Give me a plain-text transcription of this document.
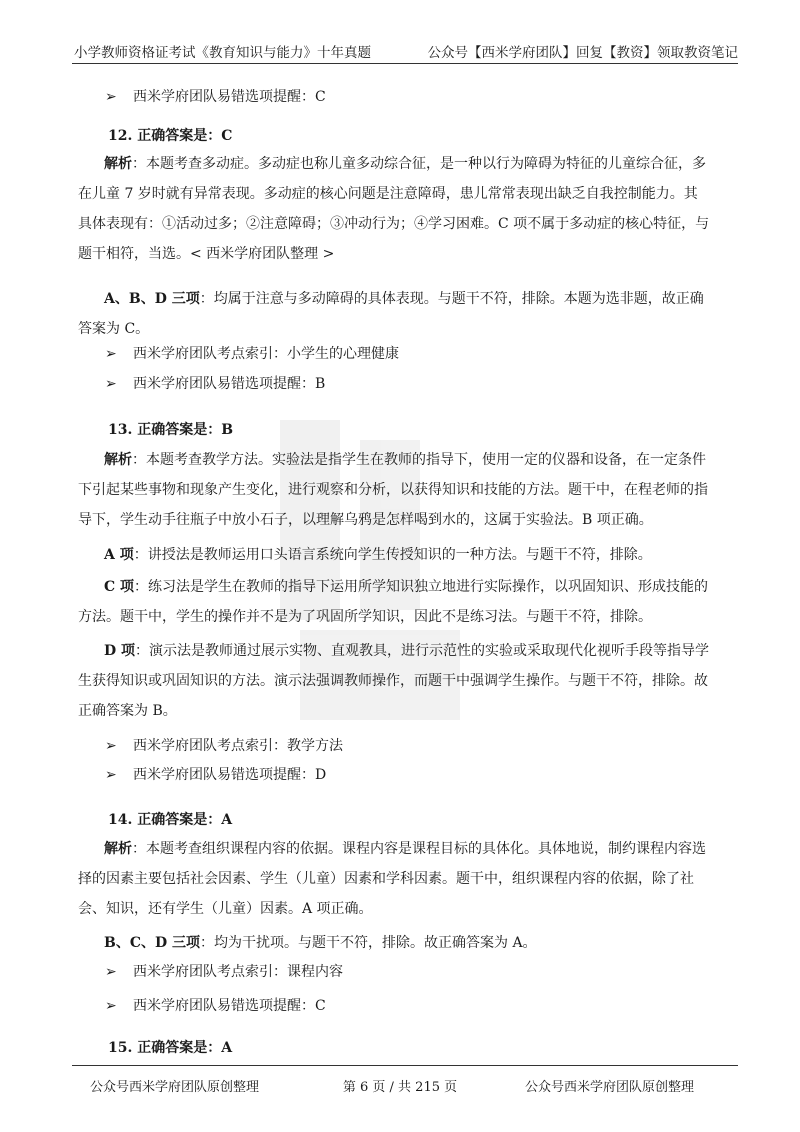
小学教师资格证考试《教育知识与能力》十年真题	公众号【西米学府团队】回复【教资】领取教资笔记
➢ 西米学府团队易错选项提醒：C
12. 正确答案是：C
解析：本题考查多动症。多动症也称儿童多动综合征，是一种以行为障碍为特征的儿童综合征，多在儿童 7 岁时就有异常表现。多动症的核心问题是注意障碍，患儿常常表现出缺乏自我控制能力。其具体表现有：①活动过多；②注意障碍；③冲动行为；④学习困难。C 项不属于多动症的核心特征，与题干相符，当选。< 西米学府团队整理 >
A、B、D 三项：均属于注意与多动障碍的具体表现。与题干不符，排除。本题为选非题，故正确答案为 C。
➢ 西米学府团队考点索引：小学生的心理健康
➢ 西米学府团队易错选项提醒：B
13. 正确答案是：B
解析：本题考查教学方法。实验法是指学生在教师的指导下，使用一定的仪器和设备，在一定条件下引起某些事物和现象产生变化，进行观察和分析，以获得知识和技能的方法。题干中，在程老师的指导下，学生动手往瓶子中放小石子，以理解乌鸦是怎样喝到水的，这属于实验法。B 项正确。
A 项：讲授法是教师运用口头语言系统向学生传授知识的一种方法。与题干不符，排除。
C 项：练习法是学生在教师的指导下运用所学知识独立地进行实际操作，以巩固知识、形成技能的方法。题干中，学生的操作并不是为了巩固所学知识，因此不是练习法。与题干不符，排除。
D 项：演示法是教师通过展示实物、直观教具，进行示范性的实验或采取现代化视听手段等指导学生获得知识或巩固知识的方法。演示法强调教师操作，而题干中强调学生操作。与题干不符，排除。故正确答案为 B。
➢ 西米学府团队考点索引：教学方法
➢ 西米学府团队易错选项提醒：D
14. 正确答案是：A
解析：本题考查组织课程内容的依据。课程内容是课程目标的具体化。具体地说，制约课程内容选择的因素主要包括社会因素、学生（儿童）因素和学科因素。题干中，组织课程内容的依据，除了社会、知识，还有学生（儿童）因素。A 项正确。
B、C、D 三项：均为干扰项。与题干不符，排除。故正确答案为 A。
➢ 西米学府团队考点索引：课程内容
➢ 西米学府团队易错选项提醒：C
15. 正确答案是：A
公众号西米学府团队原创整理	第 6 页 / 共 215 页	公众号西米学府团队原创整理
